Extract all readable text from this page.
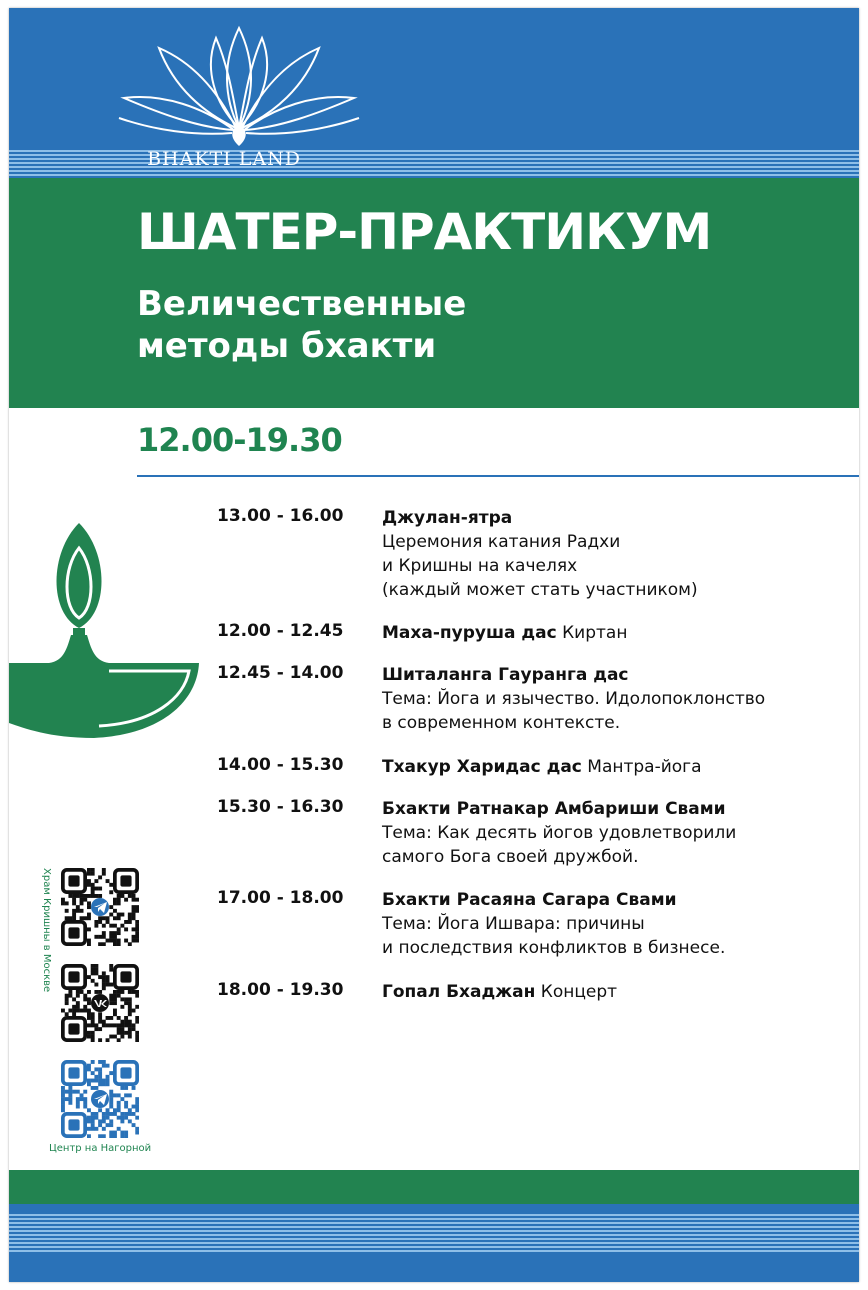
BHAKTI LAND
ШАТЕР-ПРАКТИКУМ
Величественные
методы бхакти
12.00-19.30
13.00 - 16.00	Джулан-ятра
Церемония катания Радхи
и Кришны на качелях
(каждый может стать участником)
12.00 - 12.45	Маха-пуруша дас Киртан
12.45 - 14.00	Шиталанга Гауранга дас
Тема: Йога и язычество. Идолопоклонство
в современном контексте.
14.00 - 15.30	Тхакур Харидас дас Мантра-йога
15.30 - 16.30	Бхакти Ратнакар Амбариши Свами
Тема: Как десять йогов удовлетворили
самого Бога своей дружбой.
17.00 - 18.00	Бхакти Расаяна Сагара Свами
Тема: Йога Ишвара: причины
и последствия конфликтов в бизнесе.
18.00 - 19.30	Гопал Бхаджан Концерт
Храм Кришны в Москве
Центр на Нагорной
